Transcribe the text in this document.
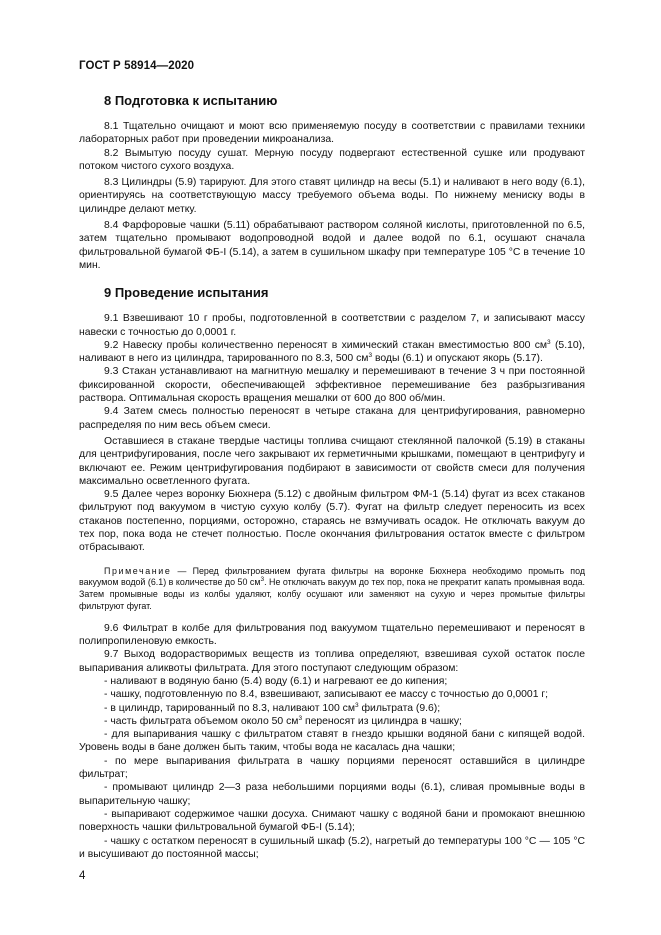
ГОСТ Р 58914—2020
8 Подготовка к испытанию

8.1 Тщательно очищают и моют всю применяемую посуду в соответствии с правилами техники лабораторных работ при проведении микроанализа.

8.2 Вымытую посуду сушат. Мерную посуду подвергают естественной сушке или продувают потоком чистого сухого воздуха.

8.3 Цилиндры (5.9) тарируют. Для этого ставят цилиндр на весы (5.1) и наливают в него воду (6.1), ориентируясь на соответствующую массу требуемого объема воды. По нижнему мениску воды в цилиндре делают метку.

8.4 Фарфоровые чашки (5.11) обрабатывают раствором соляной кислоты, приготовленной по 6.5, затем тщательно промывают водопроводной водой и далее водой по 6.1, осушают сначала фильтровальной бумагой ФБ-I (5.14), а затем в сушильном шкафу при температуре 105 °С в течение 10 мин.

9 Проведение испытания

9.1 Взвешивают 10 г пробы, подготовленной в соответствии с разделом 7, и записывают массу навески с точностью до 0,0001 г.

9.2 Навеску пробы количественно переносят в химический стакан вместимостью 800 $см^3$ (5.10), наливают в него из цилиндра, тарированного по 8.3, 500 $см^3$ воды (6.1) и опускают якорь (5.17).

9.3 Стакан устанавливают на магнитную мешалку и перемешивают в течение 3 ч при постоянной фиксированной скорости, обеспечивающей эффективное перемешивание без разбрызгивания раствора. Оптимальная скорость вращения мешалки от 600 до 800 об/мин.

9.4 Затем смесь полностью переносят в четыре стакана для центрифугирования, равномерно распределяя по ним весь объем смеси.

Оставшиеся в стакане твердые частицы топлива счищают стеклянной палочкой (5.19) в стаканы для центрифугирования, после чего закрывают их герметичными крышками, помещают в центрифугу и включают ее. Режим центрифугирования подбирают в зависимости от свойств смеси для получения максимально осветленного фугата.

9.5 Далее через воронку Бюхнера (5.12) с двойным фильтром ФМ-1 (5.14) фугат из всех стаканов фильтруют под вакуумом в чистую сухую колбу (5.7). Фугат на фильтр следует переносить из всех стаканов постепенно, порциями, осторожно, стараясь не взмучивать осадок. Не отключать вакуум до тех пор, пока вода не стечет полностью. После окончания фильтрования остаток вместе с фильтром отбрасывают.

Примечание — Перед фильтрованием фугата фильтры на воронке Бюхнера необходимо промыть под вакуумом водой (6.1) в количестве до 50 $см^3$. Не отключать вакуум до тех пор, пока не прекратит капать промывная вода. Затем промывные воды из колбы удаляют, колбу осушают или заменяют на сухую и через промытые фильтры фильтруют фугат.

9.6 Фильтрат в колбе для фильтрования под вакуумом тщательно перемешивают и переносят в полипропиленовую емкость.

9.7 Выход водорастворимых веществ из топлива определяют, взвешивая сухой остаток после выпаривания аликвоты фильтрата. Для этого поступают следующим образом:

- наливают в водяную баню (5.4) воду (6.1) и нагревают ее до кипения;

- чашку, подготовленную по 8.4, взвешивают, записывают ее массу с точностью до 0,0001 г;

- в цилиндр, тарированный по 8.3, наливают 100 $см^3$ фильтрата (9.6);

- часть фильтрата объемом около 50 $см^3$ переносят из цилиндра в чашку;

- для выпаривания чашку с фильтратом ставят в гнездо крышки водяной бани с кипящей водой. Уровень воды в бане должен быть таким, чтобы вода не касалась дна чашки;

- по мере выпаривания фильтрата в чашку порциями переносят оставшийся в цилиндре фильтрат;

- промывают цилиндр 2—3 раза небольшими порциями воды (6.1), сливая промывные воды в выпарительную чашку;

- выпаривают содержимое чашки досуха. Снимают чашку с водяной бани и промокают внешнюю поверхность чашки фильтровальной бумагой ФБ-I (5.14);

- чашку с остатком переносят в сушильный шкаф (5.2), нагретый до температуры 100 °С — 105 °С и высушивают до постоянной массы;

4
